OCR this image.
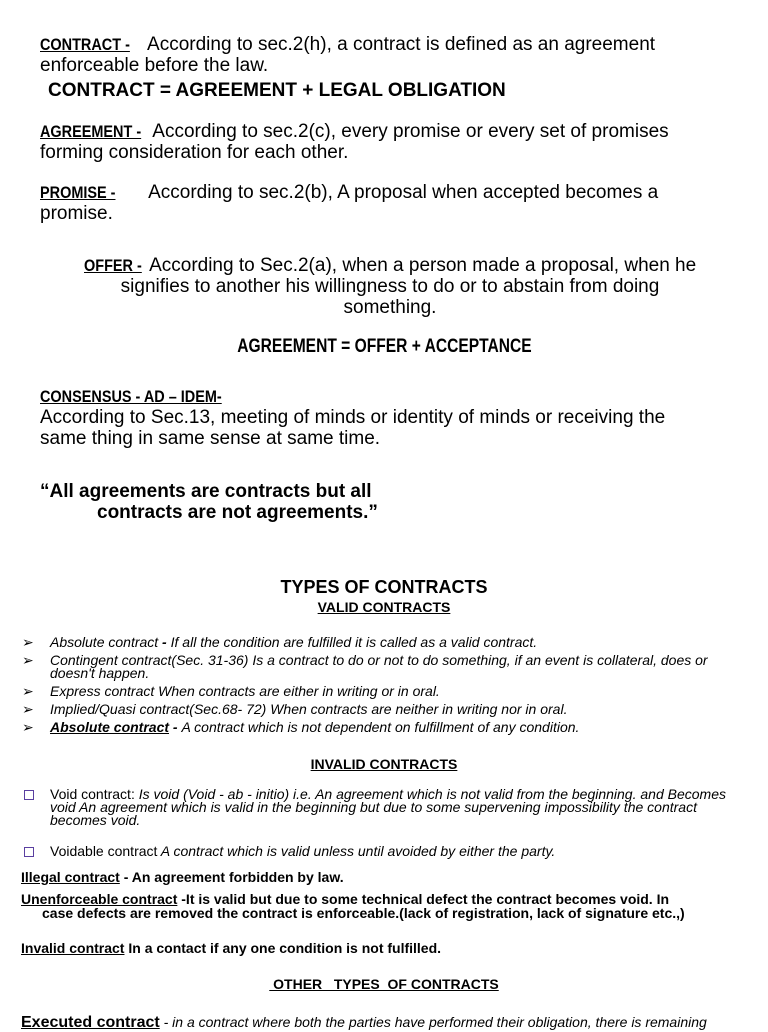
CONTRACT - According to sec.2(h), a contract is defined as an agreement
enforceable before the law.
CONTRACT = AGREEMENT + LEGAL OBLIGATION
AGREEMENT - According to sec.2(c), every promise or every set of promises
forming consideration for each other.
PROMISE - According to sec.2(b), A proposal when accepted becomes a
promise.
OFFER - According to Sec.2(a), when a person made a proposal, when he
signifies to another his willingness to do or to abstain from doing
something.
AGREEMENT = OFFER + ACCEPTANCE
CONSENSUS - AD – IDEM-
According to Sec.13, meeting of minds or identity of minds or receiving the
same thing in same sense at same time.
“All agreements are contracts but all
contracts are not agreements.”
TYPES OF CONTRACTS
VALID CONTRACTS
➢ Absolute contract - If all the condition are fulfilled it is called as a valid contract.
➢ Contingent contract(Sec. 31-36) Is a contract to do or not to do something, if an event is collateral, does or doesn't happen.
➢ Express contract When contracts are either in writing or in oral.
➢ Implied/Quasi contract(Sec.68- 72) When contracts are neither in writing nor in oral.
➢ Absolute contract - A contract which is not dependent on fulfillment of any condition.
INVALID CONTRACTS
Void contract: Is void (Void - ab - initio) i.e. An agreement which is not valid from the beginning. and Becomes void An agreement which is valid in the beginning but due to some supervening impossibility the contract becomes void.
Voidable contract A contract which is valid unless until avoided by either the party.
Illegal contract - An agreement forbidden by law.
Unenforceable contract -It is valid but due to some technical defect the contract becomes void. In
case defects are removed the contract is enforceable.(lack of registration, lack of signature etc.,)
Invalid contract In a contact if any one condition is not fulfilled.
OTHER   TYPES  OF CONTRACTS
Executed contract - in a contract where both the parties have performed their obligation, there is remaining
